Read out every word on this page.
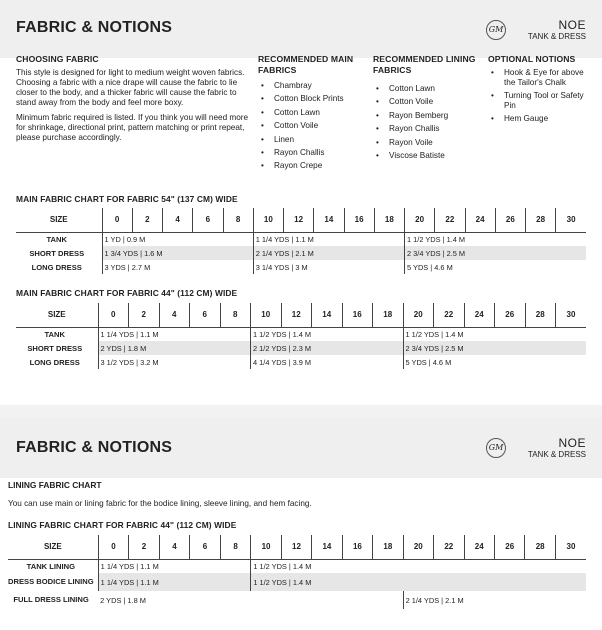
FABRIC & NOTIONS	GM	NOE
TANK & DRESS
CHOOSING FABRIC
This style is designed for light to medium weight woven fabrics. Choosing a fabric with a nice drape will cause the fabric to lie closer to the body, and a thicker fabric will cause the fabric to stand away from the body and feel more boxy.
Minimum fabric required is listed. If you think you will need more for shrinkage, directional print, pattern matching or print repeat, please purchase accordingly.
RECOMMENDED MAIN FABRICS
• Chambray
• Cotton Block Prints
• Cotton Lawn
• Cotton Voile
• Linen
• Rayon Challis
• Rayon Crepe
RECOMMENDED LINING FABRICS
• Cotton Lawn
• Cotton Voile
• Rayon Bemberg
• Rayon Challis
• Rayon Voile
• Viscose Batiste
OPTIONAL NOTIONS
• Hook & Eye for above the Tailor's Chalk
• Turning Tool or Safety Pin
• Hem Gauge
MAIN FABRIC CHART FOR FABRIC 54" (137 CM) WIDE
SIZE	0	2	4	6	8	10	12	14	16	18	20	22	24	26	28	30
TANK	1 YD | 0.9 M					1 1/4 YDS | 1.1 M					1 1/2 YDS | 1.4 M					
SHORT DRESS	1 3/4 YDS | 1.6 M					2 1/4 YDS | 2.1 M					2 3/4 YDS | 2.5 M					
LONG DRESS	3 YDS | 2.7 M					3 1/4 YDS | 3 M					5 YDS | 4.6 M					
MAIN FABRIC CHART FOR FABRIC 44" (112 CM) WIDE
SIZE	0	2	4	6	8	10	12	14	16	18	20	22	24	26	28	30
TANK	1 1/4 YDS | 1.1 M					1 1/2 YDS | 1.4 M					1 1/2 YDS | 1.4 M					
SHORT DRESS	2 YDS | 1.8 M					2 1/2 YDS | 2.3 M					2 3/4 YDS | 2.5 M					
LONG DRESS	3 1/2 YDS | 3.2 M					4 1/4 YDS | 3.9 M					5 YDS | 4.6 M					
FABRIC & NOTIONS	GM	NOE
TANK & DRESS
LINING FABRIC CHART
You can use main or lining fabric for the bodice lining, sleeve lining, and hem facing.
LINING FABRIC CHART FOR FABRIC 44" (112 CM) WIDE
SIZE	0	2	4	6	8	10	12	14	16	18	20	22	24	26	28	30
TANK LINING	1 1/4 YDS | 1.1 M					1 1/2 YDS | 1.4 M										
DRESS BODICE LINING	1 1/4 YDS | 1.1 M					1 1/2 YDS | 1.4 M										
FULL DRESS LINING	2 YDS | 1.8 M										2 1/4 YDS | 2.1 M					
